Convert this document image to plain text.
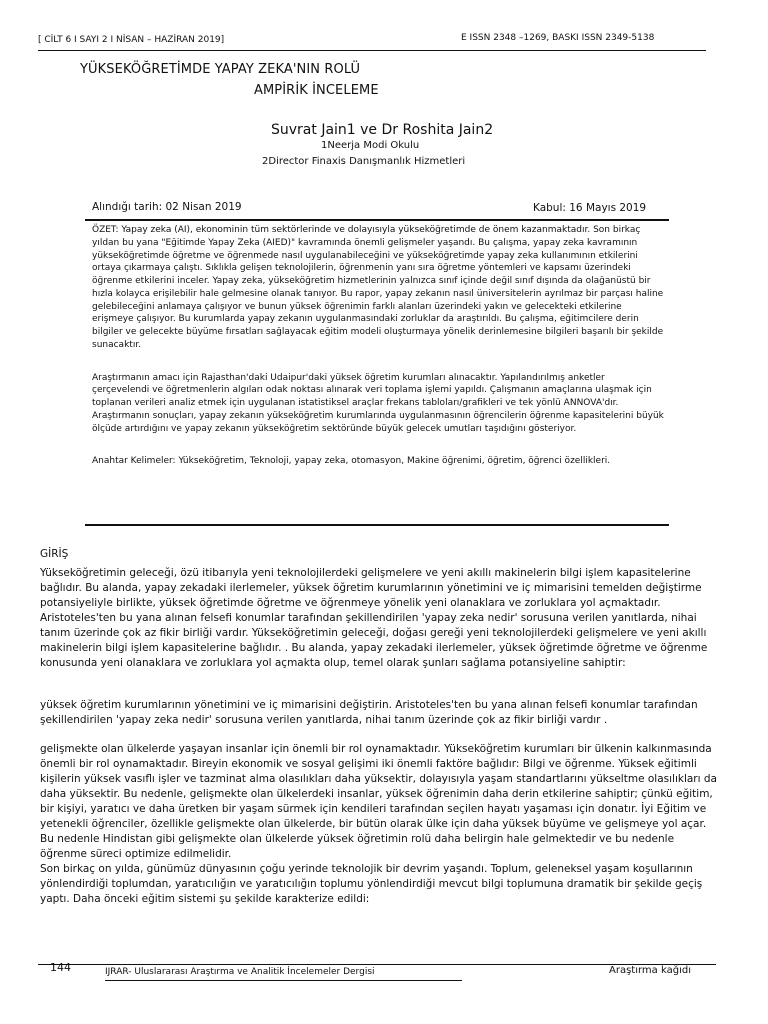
[ CİLT 6 I SAYI 2 I NİSAN – HAZİRAN 2019]	E ISSN 2348 –1269, BASKI ISSN 2349-5138
YÜKSEKÖĞRETİMDE YAPAY ZEKA'NIN ROLÜ
AMPİRİK İNCELEME
Suvrat Jain1 ve Dr Roshita Jain2
1Neerja Modi Okulu
2Director Finaxis Danışmanlık Hizmetleri
Alındığı tarih: 02 Nisan 2019	Kabul: 16 Mayıs 2019

ÖZET: Yapay zeka (AI), ekonominin tüm sektörlerinde ve dolayısıyla yükseköğretimde de önem kazanmaktadır. Son birkaç yıldan bu yana "Eğitimde Yapay Zeka (AIED)" kavramında önemli gelişmeler yaşandı. Bu çalışma, yapay zeka kavramının yükseköğretimde öğretme ve öğrenmede nasıl uygulanabileceğini ve yükseköğretimde yapay zeka kullanımının etkilerini ortaya çıkarmaya çalıştı. Sıklıkla gelişen teknolojilerin, öğrenmenin yanı sıra öğretme yöntemleri ve kapsamı üzerindeki öğrenme etkilerini inceler. Yapay zeka, yükseköğretim hizmetlerinin yalnızca sınıf içinde değil sınıf dışında da olağanüstü bir hızla kolayca erişilebilir hale gelmesine olanak tanıyor. Bu rapor, yapay zekanın nasıl üniversitelerin ayrılmaz bir parçası haline gelebileceğini anlamaya çalışıyor ve bunun yüksek öğrenimin farklı alanları üzerindeki yakın ve gelecekteki etkilerine erişmeye çalışıyor. Bu kurumlarda yapay zekanın uygulanmasındaki zorluklar da araştırıldı. Bu çalışma, eğitimcilere derin bilgiler ve gelecekte büyüme fırsatları sağlayacak eğitim modeli oluşturmaya yönelik derinlemesine bilgileri başarılı bir şekilde sunacaktır.

Araştırmanın amacı için Rajasthan'daki Udaipur'daki yüksek öğretim kurumları alınacaktır. Yapılandırılmış anketler çerçevelendi ve öğretmenlerin algıları odak noktası alınarak veri toplama işlemi yapıldı. Çalışmanın amaçlarına ulaşmak için toplanan verileri analiz etmek için uygulanan istatistiksel araçlar frekans tabloları/grafikleri ve tek yönlü ANNOVA'dır. Araştırmanın sonuçları, yapay zekanın yükseköğretim kurumlarında uygulanmasının öğrencilerin öğrenme kapasitelerini büyük ölçüde artırdığını ve yapay zekanın yükseköğretim sektöründe büyük gelecek umutları taşıdığını gösteriyor.

Anahtar Kelimeler: Yükseköğretim, Teknoloji, yapay zeka, otomasyon, Makine öğrenimi, öğretim, öğrenci özellikleri.

GİRİŞ

Yükseköğretimin geleceği, özü itibarıyla yeni teknolojilerdeki gelişmelere ve yeni akıllı makinelerin bilgi işlem kapasitelerine bağlıdır. Bu alanda, yapay zekadaki ilerlemeler, yüksek öğretim kurumlarının yönetimini ve iç mimarisini temelden değiştirme potansiyeliyle birlikte, yüksek öğretimde öğretme ve öğrenmeye yönelik yeni olanaklara ve zorluklara yol açmaktadır. Aristoteles'ten bu yana alınan felsefi konumlar tarafından şekillendirilen 'yapay zeka nedir' sorusuna verilen yanıtlarda, nihai tanım üzerinde çok az fikir birliği vardır. Yükseköğretimin geleceği, doğası gereği yeni teknolojilerdeki gelişmelere ve yeni akıllı makinelerin bilgi işlem kapasitelerine bağlıdır. . Bu alanda, yapay zekadaki ilerlemeler, yüksek öğretimde öğretme ve öğrenme konusunda yeni olanaklara ve zorluklara yol açmakta olup, temel olarak şunları sağlama potansiyeline sahiptir:

yüksek öğretim kurumlarının yönetimini ve iç mimarisini değiştirin. Aristoteles'ten bu yana alınan felsefi konumlar tarafından şekillendirilen 'yapay zeka nedir' sorusuna verilen yanıtlarda, nihai tanım üzerinde çok az fikir birliği vardır .

gelişmekte olan ülkelerde yaşayan insanlar için önemli bir rol oynamaktadır. Yükseköğretim kurumları bir ülkenin kalkınmasında önemli bir rol oynamaktadır. Bireyin ekonomik ve sosyal gelişimi iki önemli faktöre bağlıdır: Bilgi ve öğrenme. Yüksek eğitimli kişilerin yüksek vasıflı işler ve tazminat alma olasılıkları daha yüksektir, dolayısıyla yaşam standartlarını yükseltme olasılıkları da daha yüksektir. Bu nedenle, gelişmekte olan ülkelerdeki insanlar, yüksek öğrenimin daha derin etkilerine sahiptir; çünkü eğitim, bir kişiyi, yaratıcı ve daha üretken bir yaşam sürmek için kendileri tarafından seçilen hayatı yaşaması için donatır. İyi Eğitim ve yetenekli öğrenciler, özellikle gelişmekte olan ülkelerde, bir bütün olarak ülke için daha yüksek büyüme ve gelişmeye yol açar.

Bu nedenle Hindistan gibi gelişmekte olan ülkelerde yüksek öğretimin rolü daha belirgin hale gelmektedir ve bu nedenle öğrenme süreci optimize edilmelidir.

Son birkaç on yılda, günümüz dünyasının çoğu yerinde teknolojik bir devrim yaşandı. Toplum, geleneksel yaşam koşullarının yönlendirdiği toplumdan, yaratıcılığın ve yaratıcılığın toplumu yönlendirdiği mevcut bilgi toplumuna dramatik bir şekilde geçiş yaptı. Daha önceki eğitim sistemi şu şekilde karakterize edildi:

144	IJRAR- Uluslararası Araştırma ve Analitik İncelemeler Dergisi	Araştırma kağıdı
